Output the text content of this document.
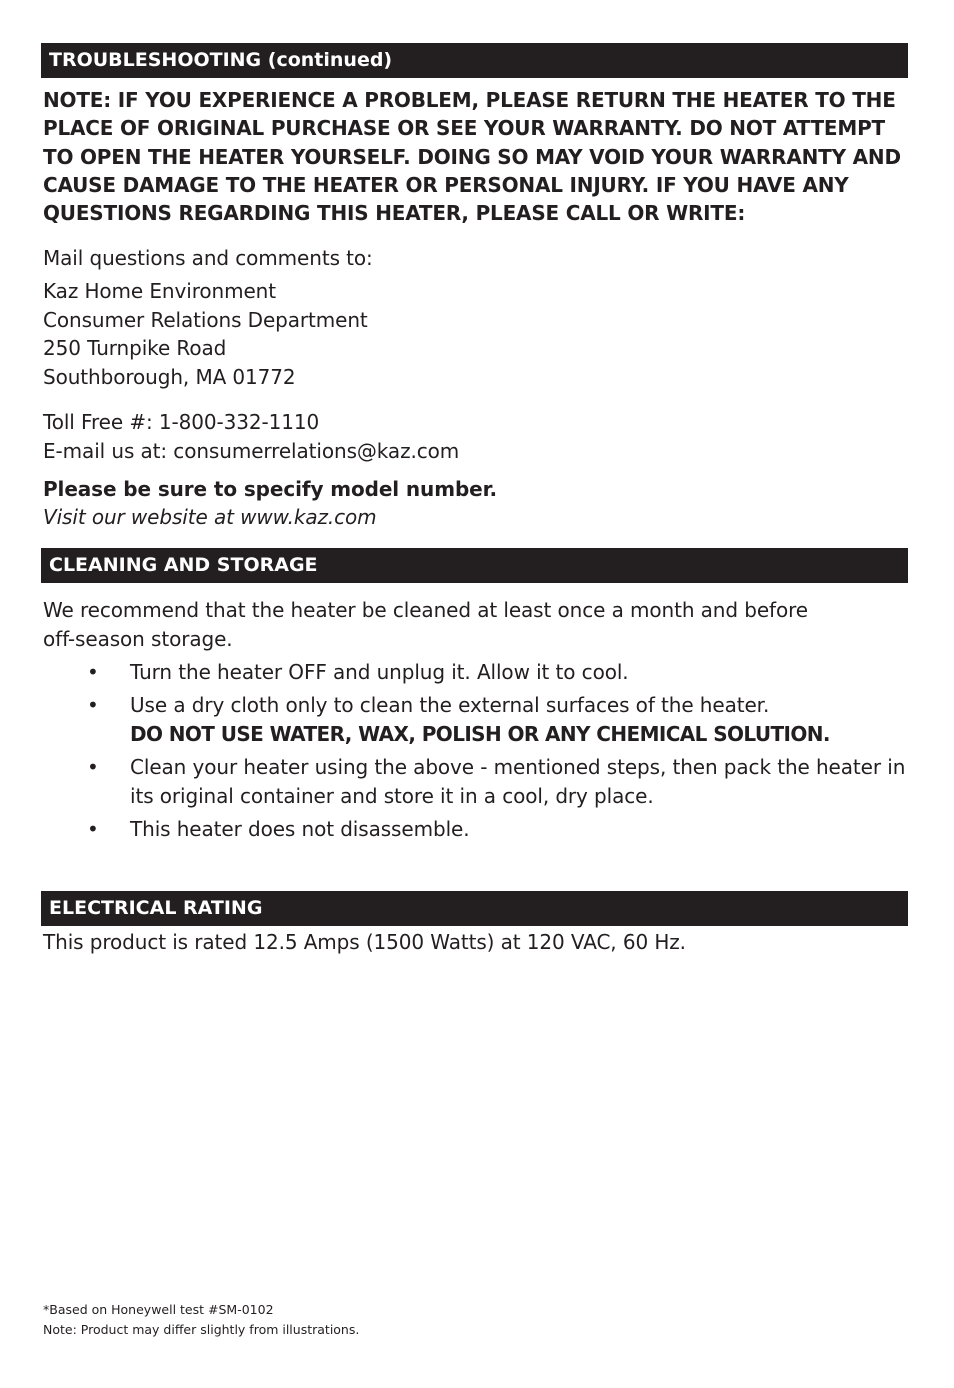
TROUBLESHOOTING (continued)
NOTE: IF YOU EXPERIENCE A PROBLEM, PLEASE RETURN THE HEATER TO THE PLACE OF ORIGINAL PURCHASE OR SEE YOUR WARRANTY. DO NOT ATTEMPT TO OPEN THE HEATER YOURSELF. DOING SO MAY VOID YOUR WARRANTY AND CAUSE DAMAGE TO THE HEATER OR PERSONAL INJURY. IF YOU HAVE ANY QUESTIONS REGARDING THIS HEATER, PLEASE CALL OR WRITE:
Mail questions and comments to:
Kaz Home Environment
Consumer Relations Department
250 Turnpike Road
Southborough, MA 01772
Toll Free #: 1-800-332-1110
E-mail us at: consumerrelations@kaz.com
Please be sure to specify model number.
Visit our website at www.kaz.com
CLEANING AND STORAGE
We recommend that the heater be cleaned at least once a month and before
off-season storage.
• Turn the heater OFF and unplug it. Allow it to cool.
• Use a dry cloth only to clean the external surfaces of the heater.
DO NOT USE WATER, WAX, POLISH OR ANY CHEMICAL SOLUTION.
• Clean your heater using the above - mentioned steps, then pack the heater in its original container and store it in a cool, dry place.
• This heater does not disassemble.
ELECTRICAL RATING
This product is rated 12.5 Amps (1500 Watts) at 120 VAC, 60 Hz.
*Based on Honeywell test #SM-0102
Note: Product may differ slightly from illustrations.
